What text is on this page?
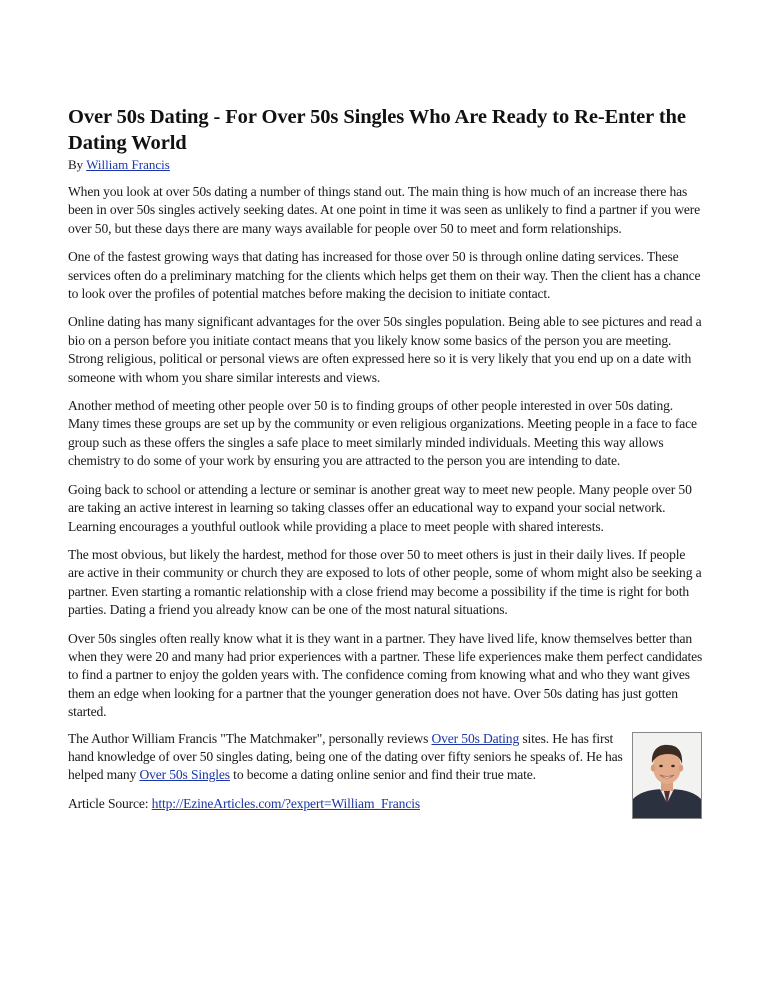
Over 50s Dating - For Over 50s Singles Who Are Ready to Re-Enter the Dating World
By William Francis

When you look at over 50s dating a number of things stand out. The main thing is how much of an increase there has been in over 50s singles actively seeking dates. At one point in time it was seen as unlikely to find a partner if you were over 50, but these days there are many ways available for people over 50 to meet and form relationships.

One of the fastest growing ways that dating has increased for those over 50 is through online dating services. These services often do a preliminary matching for the clients which helps get them on their way. Then the client has a chance to look over the profiles of potential matches before making the decision to initiate contact.

Online dating has many significant advantages for the over 50s singles population. Being able to see pictures and read a bio on a person before you initiate contact means that you likely know some basics of the person you are meeting. Strong religious, political or personal views are often expressed here so it is very likely that you end up on a date with someone with whom you share similar interests and views.

Another method of meeting other people over 50 is to finding groups of other people interested in over 50s dating. Many times these groups are set up by the community or even religious organizations. Meeting people in a face to face group such as these offers the singles a safe place to meet similarly minded individuals. Meeting this way allows chemistry to do some of your work by ensuring you are attracted to the person you are intending to date.

Going back to school or attending a lecture or seminar is another great way to meet new people. Many people over 50 are taking an active interest in learning so taking classes offer an educational way to expand your social network. Learning encourages a youthful outlook while providing a place to meet people with shared interests.

The most obvious, but likely the hardest, method for those over 50 to meet others is just in their daily lives. If people are active in their community or church they are exposed to lots of other people, some of whom might also be seeking a partner. Even starting a romantic relationship with a close friend may become a possibility if the time is right for both parties. Dating a friend you already know can be one of the most natural situations.

Over 50s singles often really know what it is they want in a partner. They have lived life, know themselves better than when they were 20 and many had prior experiences with a partner. These life experiences make them perfect candidates to find a partner to enjoy the golden years with. The confidence coming from knowing what and who they want gives them an edge when looking for a partner that the younger generation does not have. Over 50s dating has just gotten started.

The Author William Francis "The Matchmaker", personally reviews Over 50s Dating sites. He has first hand knowledge of over 50 singles dating, being one of the dating over fifty seniors he speaks of. He has helped many Over 50s Singles to become a dating online senior and find their true mate.

Article Source: http://EzineArticles.com/?expert=William_Francis
